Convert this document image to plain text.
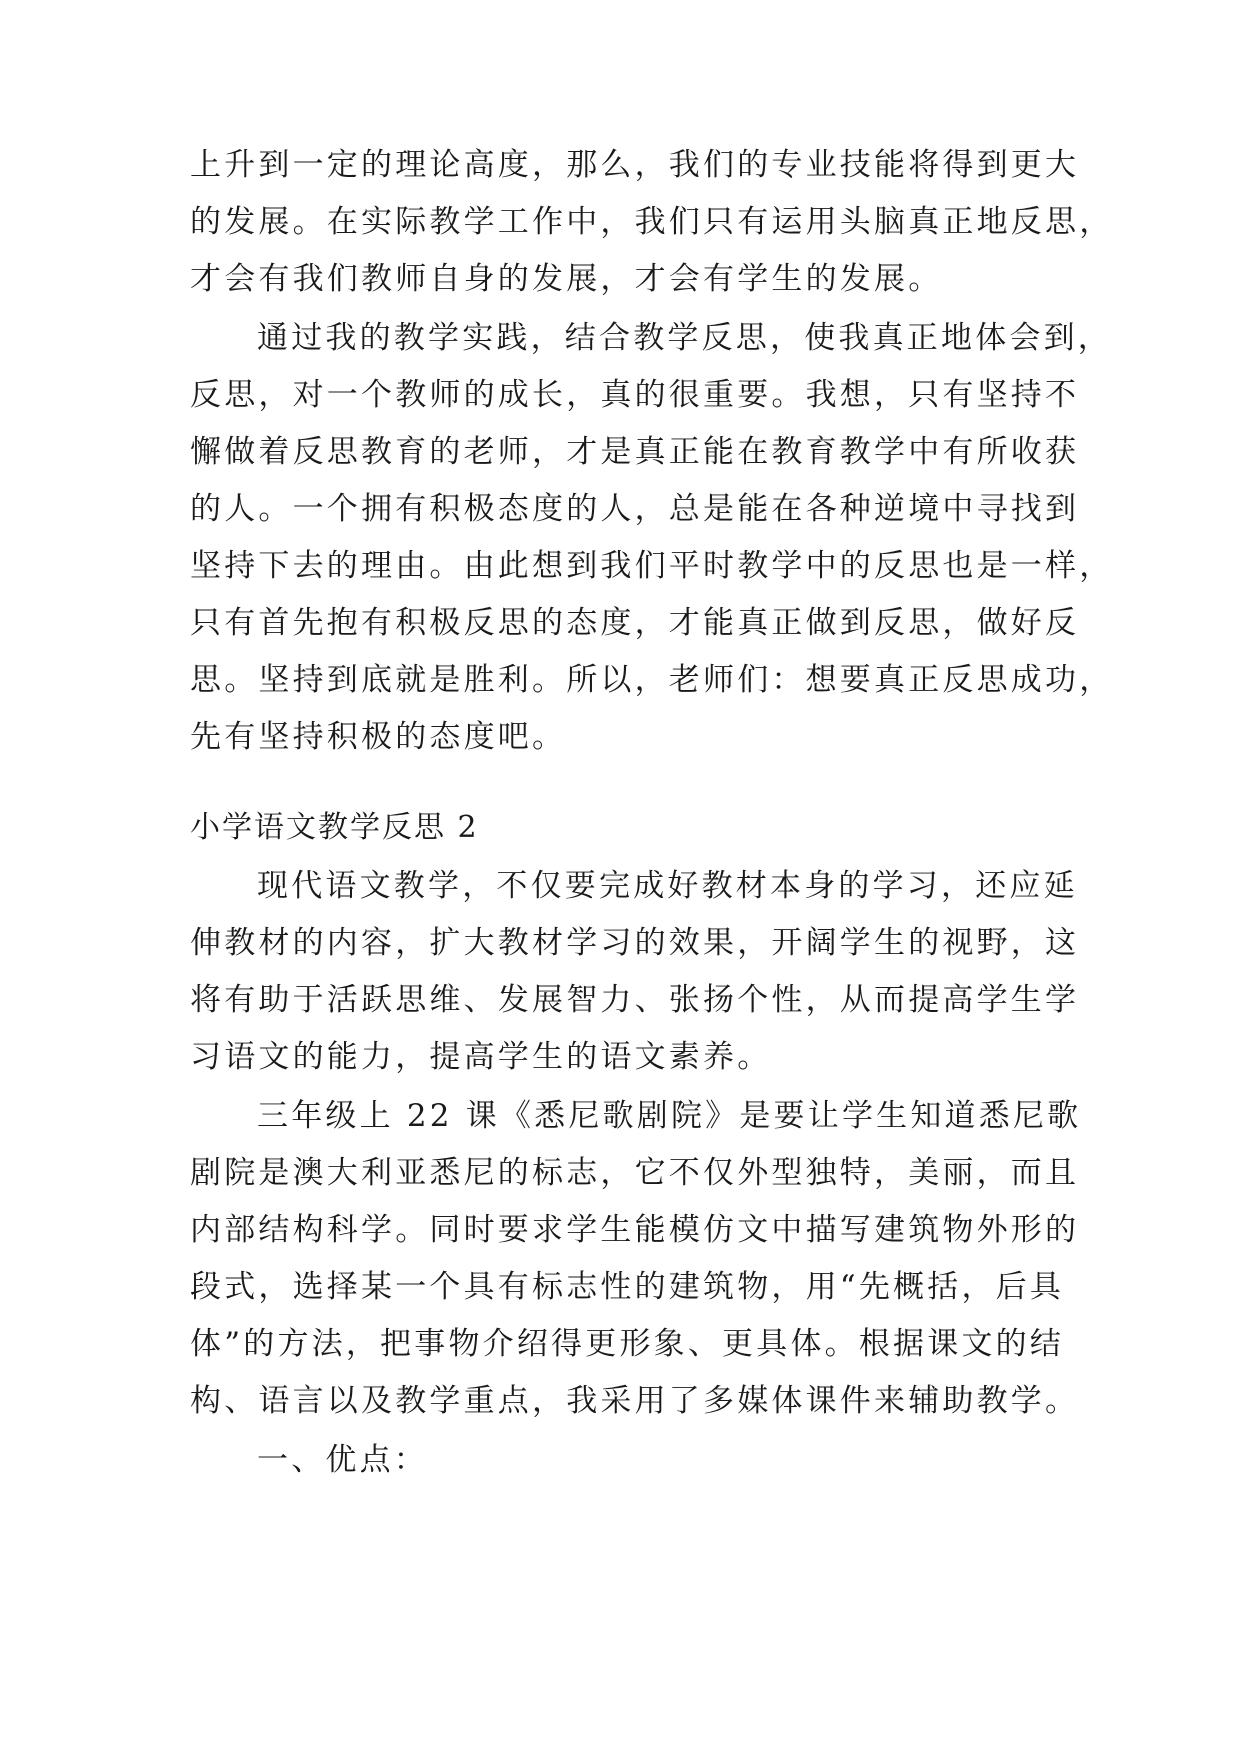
上升到一定的理论高度，那么，我们的专业技能将得到更大
的发展。在实际教学工作中，我们只有运用头脑真正地反思，
才会有我们教师自身的发展，才会有学生的发展。
通过我的教学实践，结合教学反思，使我真正地体会到，
反思，对一个教师的成长，真的很重要。我想，只有坚持不
懈做着反思教育的老师，才是真正能在教育教学中有所收获
的人。一个拥有积极态度的人，总是能在各种逆境中寻找到
坚持下去的理由。由此想到我们平时教学中的反思也是一样，
只有首先抱有积极反思的态度，才能真正做到反思，做好反
思。坚持到底就是胜利。所以，老师们：想要真正反思成功，
先有坚持积极的态度吧。
小学语文教学反思 2
现代语文教学，不仅要完成好教材本身的学习，还应延
伸教材的内容，扩大教材学习的效果，开阔学生的视野，这
将有助于活跃思维、发展智力、张扬个性，从而提高学生学
习语文的能力，提高学生的语文素养。
三年级上 22 课《悉尼歌剧院》是要让学生知道悉尼歌
剧院是澳大利亚悉尼的标志，它不仅外型独特，美丽，而且
内部结构科学。同时要求学生能模仿文中描写建筑物外形的
段式，选择某一个具有标志性的建筑物，用“先概括，后具
体”的方法，把事物介绍得更形象、更具体。根据课文的结
构、语言以及教学重点，我采用了多媒体课件来辅助教学。
一、优点：
